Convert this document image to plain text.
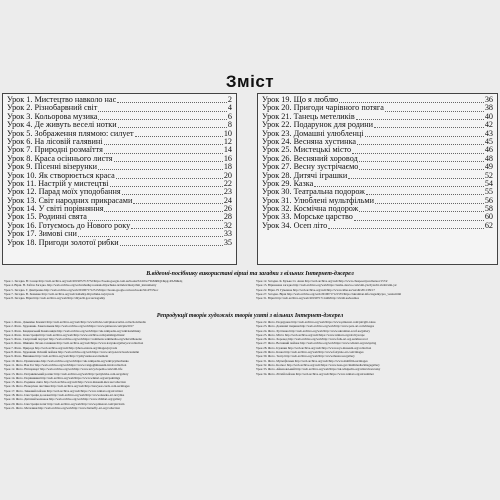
Зміст
Урок 1. Мистецтво навколо нас	2
Урок 2. Різнобарвний світ	4
Урок 3. Кольорова музика	6
Урок 4. Де живуть веселі нотки	8
Урок 5. Зображення плямою: силует	10
Урок 6. На лісовій галявині	12
Урок 7. Природні розмаїття	14
Урок 8. Краса осіннього листя	16
Урок 9. Пісенні візерунки	18
Урок 10. Як створюється краса	20
Урок 11. Настрій у мистецтві	22
Урок 12. Парад моїх уподобання	23
Урок 13. Світ народних прикрасами	24
Урок 14. У світі порівняння	26
Урок 15. Родинні свята	28
Урок 16. Готуємось до Нового року	32
Урок 17. Зимові сни	33
Урок 18. Пригоди золотої рибки	35
Урок 19. Що я люблю	36
Урок 20. Пригоди чарівного потяга	38
Урок 21. Танець метеликів	40
Урок 22. Подарунок для родини	42
Урок 23. Домашні улюбленці	43
Урок 24. Весняна хустинка	45
Урок 25. Мистецькі місто	46
Урок 26. Весняний хоровод	48
Урок 27. Весну зустрічаємо	49
Урок 28. Дитячі іграшки	52
Урок 29. Казка	54
Урок 30. Театральна подорож	55
Урок 31. Улюблені мультфільми	56
Урок 32. Космічна подорож	58
Урок 33. Морське царство	60
Урок 34. Осеп літо	62
В.відеоні-посібнику використані вірші та загадки з вільних Інтернет-джерел

Урок 1. Загадка. В: Сонце http://web.archive.org/web/2019072713752/https://books.google.com.ua/books?id=hbw7YuMRlQC&pg=PA59&dq

Урок 4. Вірш. Н. Забіла Загадка. http://web.archive.org/web/zahadky.rosdesk.dityachuka.ru/index/muzychni_instrumenty

Урок 5. Загадка. Г. Дмитренко http://web.archive.org/web/2019071712515/https://books.google.com.ua/books?id=PVr5toc

Урок 7. Загадка. В. Хоменко http://web.archive.org/web/zahadky.dityachuka.ru/pryroda

Урок 8. Загадка. Вірш http://web.archive.org/web/http://dityachi.gov.ua/zagadky

Урок 12. Загадка. К. Бузько Сі. Анна http://web.archive.org/web/http://www.chaspoezij.ua/meteor/1574/

Урок 15. Віршована загадка http://web.archive.org/web/https://nashe-derevo.com/sim-yia/dytachi-virshi/sim-ya/

Урок 22. Вірш. Н. Гуменюк http://web.archive.org/web/http://www.ridne.ua/vershi/2011/09/17

Урок 27. Загадка. Вірш http://web.archive.org/web/20190717121535/https://ukrainian.info/zagadky/pro_vesnu.html

Урок 31. Вірш http://web.archive.org/web/2019071711446/http://virshi.ua/kosmos

Репродукції творів художніх творів узяті з вільних Інтернет-джерел

Урок 1. Фото. Доменіко Клемнт http://web.archive.org/web/http://www.flickr.com/photos/artist-collection/media

Урок 2. Фото. Художник. Заметельник http://web.archive.org/web/https://www.pinterest.com/pin/2017

Урок 3. Фото. Кандинський Композиція http://web.archive.org/web/https://uk.wikipedia.org/wiki/kandinsky

Урок 4. Фото. Іллюстрація http://web.archive.org/web/http://www.artchive.com/paintings/music

Урок 5. Фото. Силуетний портрет http://web.archive.org/web/https://commons.wikimedia.org/wiki/silhouette

Урок 6. Фото. Шишкін Лісова галявина http://web.archive.org/web/https://www.tretyakovgallery.ru/collection

Урок 7. Фото. Природа http://web.archive.org/web/http://photo-nature.org/images/pryroda

Урок 8. Фото. Художник Осінній пейзаж http://web.archive.org/web/https://www.artsy.net/artwork/autumn

Урок 9. Фото. Вишивка http://web.archive.org/web/http://vyshyvanka.ua/ornament

Урок 10. Фото. Примаченко http://web.archive.org/web/https://uk.wikipedia.org/wiki/prymachenko

Урок 11. Фото. Ван Гог http://web.archive.org/web/https://www.vangoghmuseum.nl/en/collection

Урок 12. Фото. Натюрморт http://web.archive.org/web/http://www.artcyclopedia.com/still-life

Урок 13. Фото. Петриківський розпис http://web.archive.org/web/http://petrykivka.com.ua/gallery

Урок 14. Фото. Порівняння http://web.archive.org/web/https://www.wikiart.org/en/paintings

Урок 15. Фото. Родинне свято http://web.archive.org/web/http://www.museum.kiev.ua/collection

Урок 16. Фото. Новорічна листівка http://web.archive.org/web/http://newyear-cards.com.ua/images

Урок 17. Фото. Зимовий пейзаж http://web.archive.org/web/https://www.wikiart.org/en/winter

Урок 18. Фото. Ілюстрація до казки http://web.archive.org/web/http://www.skazka-art.ru/rybka

Урок 19. Фото. Дитячий малюнок http://web.archive.org/web/http://www.childart.org/gallery

Урок 20. Фото. Ілюстрація потяг http://web.archive.org/web/http://www.pinterest.com/pin/train

Урок 21. Фото. Метелики http://web.archive.org/web/http://www.butterfly-art.org/collection

Урок 22. Фото. Подарунок http://web.archive.org/web/https://www.pinterest.com/pin/gift-ideas

Урок 23. Фото. Домашні тварини http://web.archive.org/web/http://www.pets-art.com/images

Урок 24. Фото. Хустинка http://web.archive.org/web/http://www.ukrainian-scarf.ua/gallery

Урок 25. Фото. Місто http://web.archive.org/web/https://www.wikiart.org/en/cityscape

Урок 26. Фото. Хоровод http://web.archive.org/web/http://www.folk-art.org.ua/khorovod

Урок 27. Фото. Весняний пейзаж http://web.archive.org/web/https://www.wikiart.org/en/spring

Урок 28. Фото. Іграшки http://web.archive.org/web/http://www.toys-museum.org/collection

Урок 29. Фото. Казка http://web.archive.org/web/http://www.fairytale-art.com/images

Урок 30. Фото. Театр http://web.archive.org/web/http://www.theatre.ua/gallery

Урок 31. Фото. Мультфільми http://web.archive.org/web/http://www.multfilm.ua/images

Урок 32. Фото. Космос http://web.archive.org/web/https://www.nasa.gov/multimedia/imagegallery

Урок 33. Фото. Айвазовський http://web.archive.org/web/https://uk.wikipedia.org/wiki/aivazovsky

Урок 34. Фото. Літній пейзаж http://web.archive.org/web/https://www.wikiart.org/en/summer
